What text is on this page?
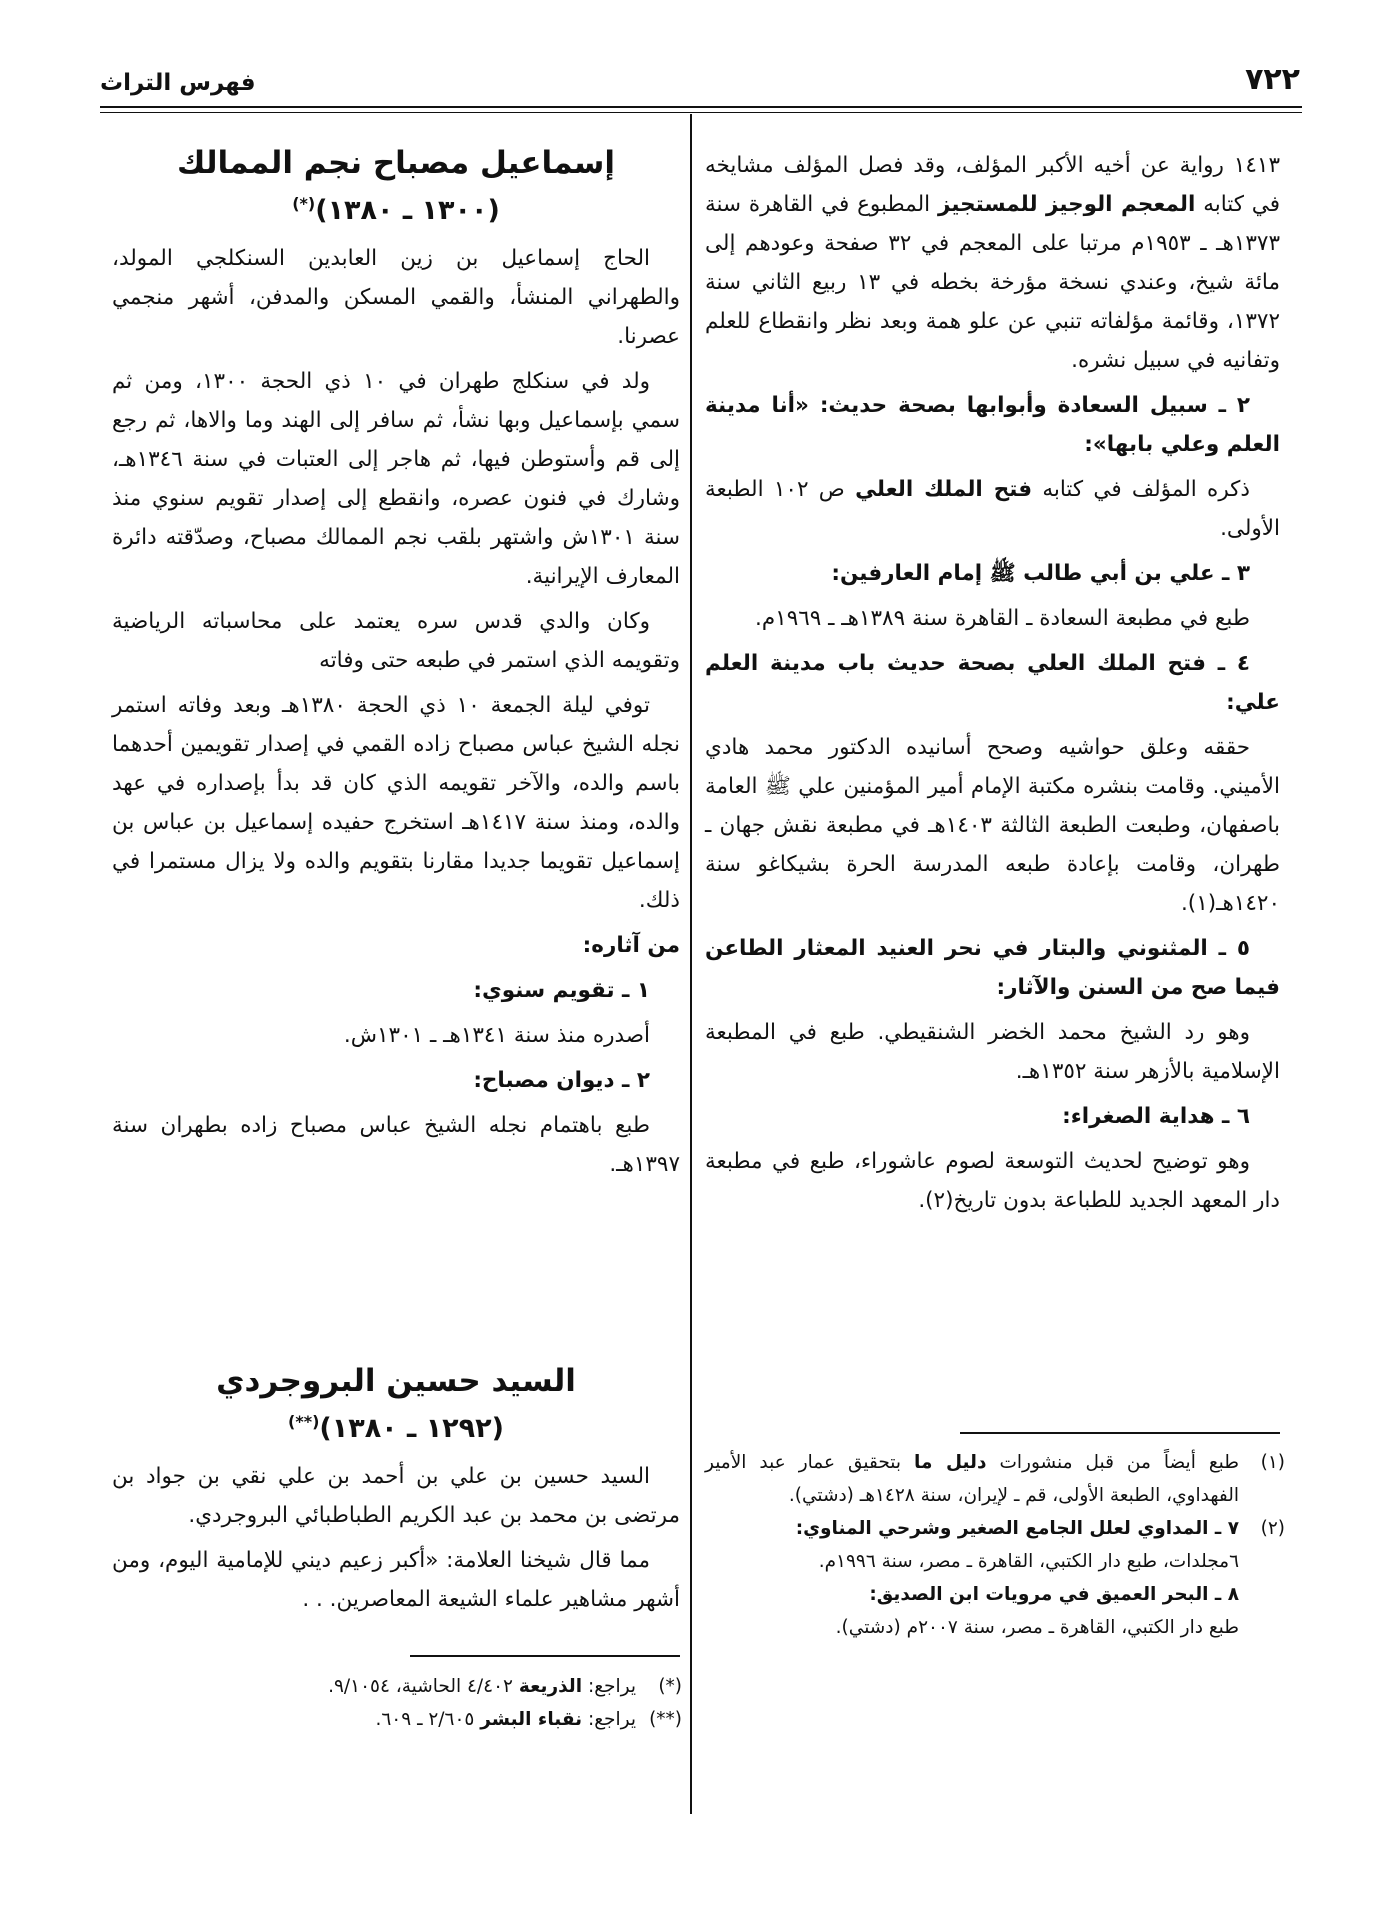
٧٢٢
فهرس التراث

١٤١٣ رواية عن أخيه الأكبر المؤلف، وقد فصل المؤلف مشايخه في كتابه المعجم الوجيز للمستجيز المطبوع في القاهرة سنة ١٣٧٣هـ ـ ١٩٥٣م مرتبا على المعجم في ٣٢ صفحة وعودهم إلى مائة شيخ، وعندي نسخة مؤرخة بخطه في ١٣ ربيع الثاني سنة ١٣٧٢، وقائمة مؤلفاته تنبي عن علو همة وبعد نظر وانقطاع للعلم وتفانيه في سبيل نشره.

٢ ـ سبيل السعادة وأبوابها بصحة حديث: «أنا مدينة العلم وعلي بابها»:

ذكره المؤلف في كتابه فتح الملك العلي ص ١٠٢ الطبعة الأولى.

٣ ـ علي بن أبي طالب ﷺ إمام العارفين:

طبع في مطبعة السعادة ـ القاهرة سنة ١٣٨٩هـ ـ ١٩٦٩م.

٤ ـ فتح الملك العلي بصحة حديث باب مدينة العلم علي:

حققه وعلق حواشيه وصحح أسانيده الدكتور محمد هادي الأميني. وقامت بنشره مكتبة الإمام أمير المؤمنين علي ﷺ العامة باصفهان، وطبعت الطبعة الثالثة ١٤٠٣هـ في مطبعة نقش جهان ـ طهران، وقامت بإعادة طبعه المدرسة الحرة بشيكاغو سنة ١٤٢٠هـ(١).

٥ ـ المثنوني والبتار في نحر العنيد المعثار الطاعن فيما صح من السنن والآثار:

وهو رد الشيخ محمد الخضر الشنقيطي. طبع في المطبعة الإسلامية بالأزهر سنة ١٣٥٢هـ.

٦ ـ هداية الصغراء:

وهو توضيح لحديث التوسعة لصوم عاشوراء، طبع في مطبعة دار المعهد الجديد للطباعة بدون تاريخ(٢).

(١)
طبع أيضاً من قبل منشورات دليل ما بتحقيق عمار عبد الأمير الفهداوي، الطبعة الأولى، قم ـ لإيران، سنة ١٤٢٨هـ (دشتي).
(٢)
٧ ـ المداوي لعلل الجامع الصغير وشرحي المناوي:
٦مجلدات، طبع دار الكتبي، القاهرة ـ مصر، سنة ١٩٩٦م.
٨ ـ البحر العميق في مرويات ابن الصديق:
طبع دار الكتبي، القاهرة ـ مصر، سنة ٢٠٠٧م (دشتي).
إسماعيل مصباح نجم الممالك
(١٣٠٠ ـ ١٣٨٠)(*)

الحاج إسماعيل بن زين العابدين السنكلجي المولد، والطهراني المنشأ، والقمي المسكن والمدفن، أشهر منجمي عصرنا.

ولد في سنكلج طهران في ١٠ ذي الحجة ١٣٠٠، ومن ثم سمي بإسماعيل وبها نشأ، ثم سافر إلى الهند وما والاها، ثم رجع إلى قم وأستوطن فيها، ثم هاجر إلى العتبات في سنة ١٣٤٦هـ، وشارك في فنون عصره، وانقطع إلى إصدار تقويم سنوي منذ سنة ١٣٠١ش واشتهر بلقب نجم الممالك مصباح، وصدّقته دائرة المعارف الإيرانية.

وكان والدي قدس سره يعتمد على محاسباته الرياضية وتقويمه الذي استمر في طبعه حتى وفاته

توفي ليلة الجمعة ١٠ ذي الحجة ١٣٨٠هـ وبعد وفاته استمر نجله الشيخ عباس مصباح زاده القمي في إصدار تقويمين أحدهما باسم والده، والآخر تقويمه الذي كان قد بدأ بإصداره في عهد والده، ومنذ سنة ١٤١٧هـ استخرج حفيده إسماعيل بن عباس بن إسماعيل تقويما جديدا مقارنا بتقويم والده ولا يزال مستمرا في ذلك.

من آثاره:

١ ـ تقويم سنوي:

أصدره منذ سنة ١٣٤١هـ ـ ١٣٠١ش.

٢ ـ ديوان مصباح:

طبع باهتمام نجله الشيخ عباس مصباح زاده بطهران سنة ١٣٩٧هـ.

السيد حسين البروجردي
(١٢٩٢ ـ ١٣٨٠)(**)

السيد حسين بن علي بن أحمد بن علي نقي بن جواد بن مرتضى بن محمد بن عبد الكريم الطباطبائي البروجردي.

مما قال شيخنا العلامة: «أكبر زعيم ديني للإمامية اليوم، ومن أشهر مشاهير علماء الشيعة المعاصرين. . .

(*)
يراجع: الذريعة ٤/٤٠٢ الحاشية، ٩/١٠٥٤.
(**)
يراجع: نقباء البشر ٢/٦٠٥ ـ ٦٠٩.
